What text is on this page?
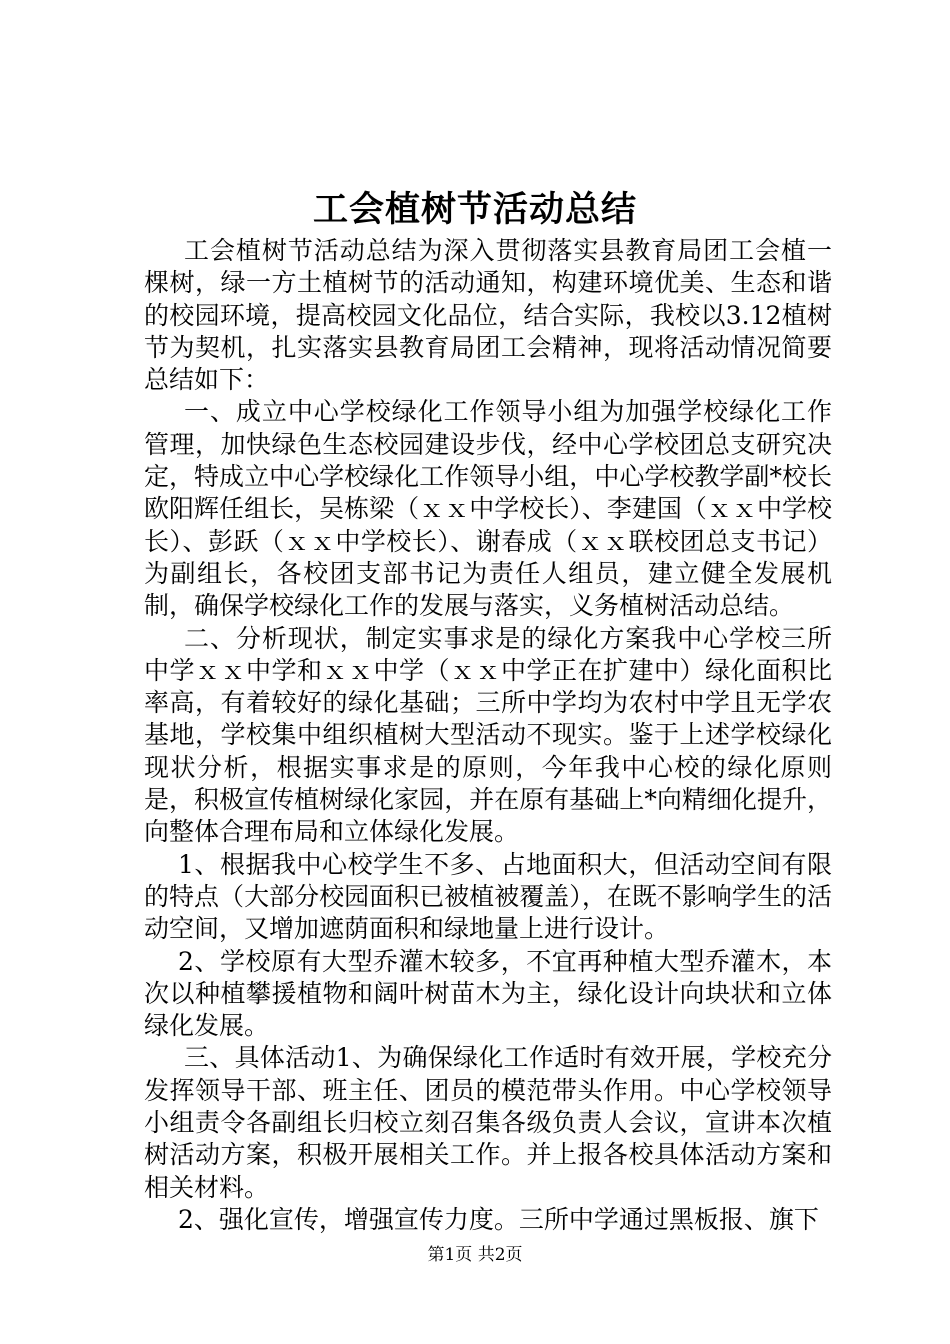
工会植树节活动总结

工会植树节活动总结为深入贯彻落实县教育局团工会植一棵树，绿一方土植树节的活动通知，构建环境优美、生态和谐的校园环境，提高校园文化品位，结合实际，我校以3.12植树节为契机，扎实落实县教育局团工会精神，现将活动情况简要总结如下：

一、成立中心学校绿化工作领导小组为加强学校绿化工作管理，加快绿色生态校园建设步伐，经中心学校团总支研究决定，特成立中心学校绿化工作领导小组，中心学校教学副*校长欧阳辉任组长，吴栋梁（ｘｘ中学校长）、李建国（ｘｘ中学校长）、彭跃（ｘｘ中学校长）、谢春成（ｘｘ联校团总支书记）为副组长，各校团支部书记为责任人组员，建立健全发展机制，确保学校绿化工作的发展与落实，义务植树活动总结。

二、分析现状，制定实事求是的绿化方案我中心学校三所中学ｘｘ中学和ｘｘ中学（ｘｘ中学正在扩建中）绿化面积比率高，有着较好的绿化基础；三所中学均为农村中学且无学农基地，学校集中组织植树大型活动不现实。鉴于上述学校绿化现状分析，根据实事求是的原则，今年我中心校的绿化原则是，积极宣传植树绿化家园，并在原有基础上*向精细化提升，向整体合理布局和立体绿化发展。

1、根据我中心校学生不多、占地面积大，但活动空间有限的特点（大部分校园面积已被植被覆盖），在既不影响学生的活动空间，又增加遮荫面积和绿地量上进行设计。

2、学校原有大型乔灌木较多，不宜再种植大型乔灌木，本次以种植攀援植物和阔叶树苗木为主，绿化设计向块状和立体绿化发展。

三、具体活动1、为确保绿化工作适时有效开展，学校充分发挥领导干部、班主任、团员的模范带头作用。中心学校领导小组责令各副组长归校立刻召集各级负责人会议，宣讲本次植树活动方案，积极开展相关工作。并上报各校具体活动方案和相关材料。

2、强化宣传，增强宣传力度。三所中学通过黑板报、旗下

第1页 共2页
